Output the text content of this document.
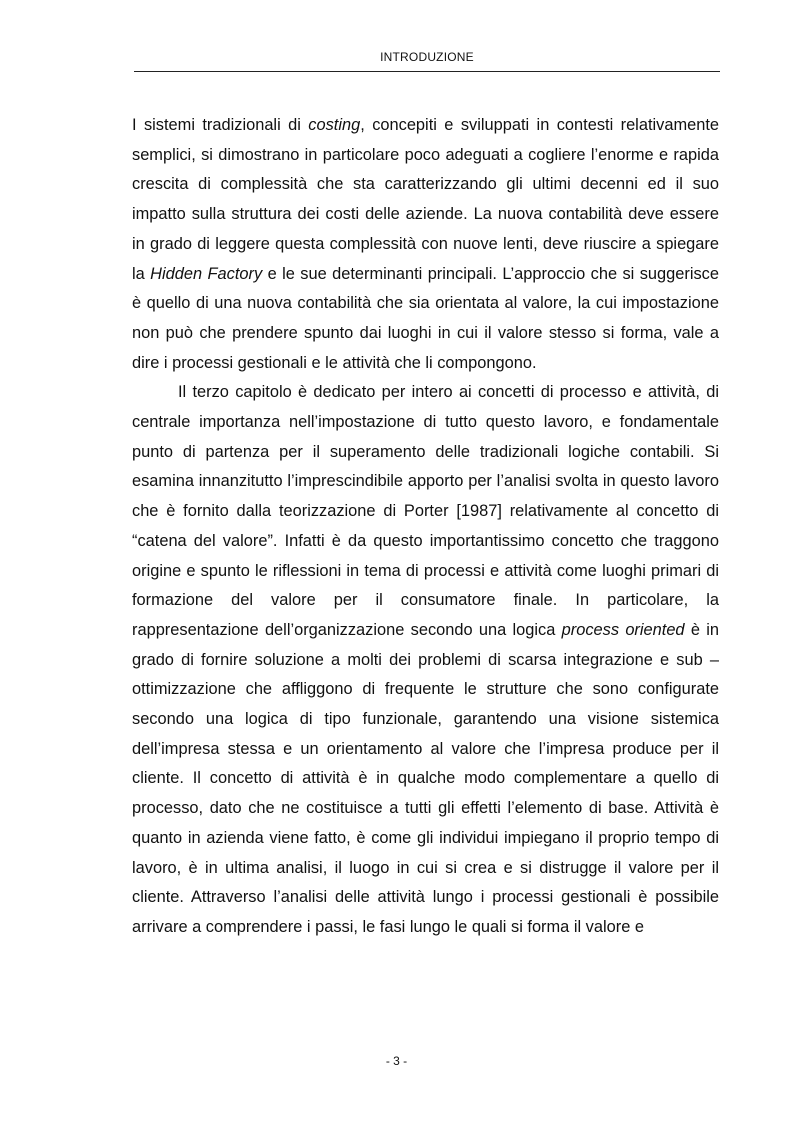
INTRODUZIONE

I sistemi tradizionali di costing, concepiti e sviluppati in contesti relativamente semplici, si dimostrano in particolare poco adeguati a cogliere l’enorme e rapida crescita di complessità che sta caratterizzando gli ultimi decenni ed il suo impatto sulla struttura dei costi delle aziende. La nuova contabilità deve essere in grado di leggere questa complessità con nuove lenti, deve riuscire a spiegare la Hidden Factory e le sue determinanti principali. L’approccio che si suggerisce è quello di una nuova contabilità che sia orientata al valore, la cui impostazione non può che prendere spunto dai luoghi in cui il valore stesso si forma, vale a dire i processi gestionali e le attività che li compongono.

Il terzo capitolo è dedicato per intero ai concetti di processo e attività, di centrale importanza nell’impostazione di tutto questo lavoro, e fondamentale punto di partenza per il superamento delle tradizionali logiche contabili. Si esamina innanzitutto l’imprescindibile apporto per l’analisi svolta in questo lavoro che è fornito dalla teorizzazione di Porter [1987] relativamente al concetto di “catena del valore”. Infatti è da questo importantissimo concetto che traggono origine e spunto le riflessioni in tema di processi e attività come luoghi primari di formazione del valore per il consumatore finale. In particolare, la rappresentazione dell’organizzazione secondo una logica process oriented è in grado di fornire soluzione a molti dei problemi di scarsa integrazione e sub – ottimizzazione che affliggono di frequente le strutture che sono configurate secondo una logica di tipo funzionale, garantendo una visione sistemica dell’impresa stessa e un orientamento al valore che l’impresa produce per il cliente. Il concetto di attività è in qualche modo complementare a quello di processo, dato che ne costituisce a tutti gli effetti l’elemento di base. Attività è quanto in azienda viene fatto, è come gli individui impiegano il proprio tempo di lavoro, è in ultima analisi, il luogo in cui si crea e si distrugge il valore per il cliente. Attraverso l’analisi delle attività lungo i processi gestionali è possibile arrivare a comprendere i passi, le fasi lungo le quali si forma il valore e

- 3 -
